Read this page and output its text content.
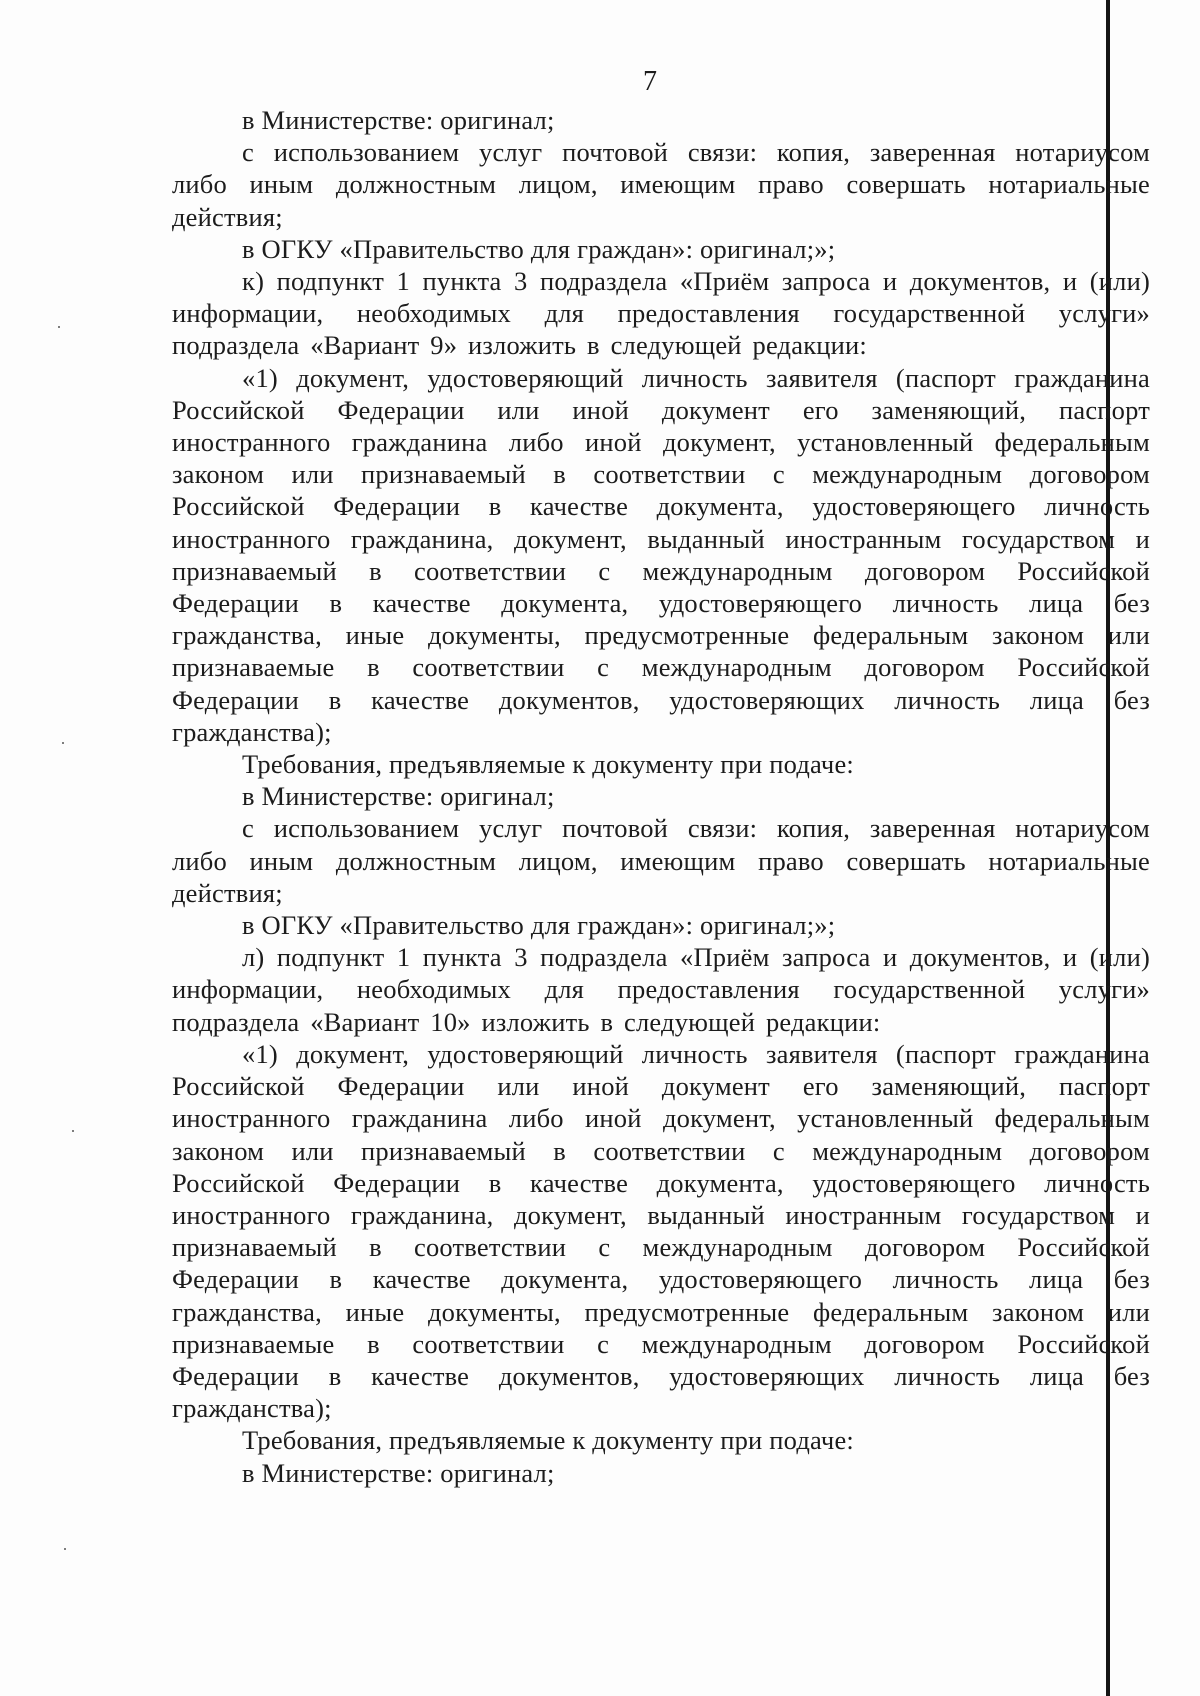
7

в Министерстве: оригинал;

с использованием услуг почтовой связи: копия, заверенная нотариусом либо иным должностным лицом, имеющим право совершать нотариальные действия;

в ОГКУ «Правительство для граждан»: оригинал;»;

к) подпункт 1 пункта 3 подраздела «Приём запроса и документов, и (или) информации, необходимых для предоставления государственной услуги» подраздела «Вариант 9» изложить в следующей редакции:

«1) документ, удостоверяющий личность заявителя (паспорт гражданина Российской Федерации или иной документ его заменяющий, паспорт иностранного гражданина либо иной документ, установленный федеральным законом или признаваемый в соответствии с международным договором Российской Федерации в качестве документа, удостоверяющего личность иностранного гражданина, документ, выданный иностранным государством и признаваемый в соответствии с международным договором Российской Федерации в качестве документа, удостоверяющего личность лица без гражданства, иные документы, предусмотренные федеральным законом или признаваемые в соответствии с международным договором Российской Федерации в качестве документов, удостоверяющих личность лица без гражданства);

Требования, предъявляемые к документу при подаче:

в Министерстве: оригинал;

с использованием услуг почтовой связи: копия, заверенная нотариусом либо иным должностным лицом, имеющим право совершать нотариальные действия;

в ОГКУ «Правительство для граждан»: оригинал;»;

л) подпункт 1 пункта 3 подраздела «Приём запроса и документов, и (или) информации, необходимых для предоставления государственной услуги» подраздела «Вариант 10» изложить в следующей редакции:

«1) документ, удостоверяющий личность заявителя (паспорт гражданина Российской Федерации или иной документ его заменяющий, паспорт иностранного гражданина либо иной документ, установленный федеральным законом или признаваемый в соответствии с международным договором Российской Федерации в качестве документа, удостоверяющего личность иностранного гражданина, документ, выданный иностранным государством и признаваемый в соответствии с международным договором Российской Федерации в качестве документа, удостоверяющего личность лица без гражданства, иные документы, предусмотренные федеральным законом или признаваемые в соответствии с международным договором Российской Федерации в качестве документов, удостоверяющих личность лица без гражданства);

Требования, предъявляемые к документу при подаче:

в Министерстве: оригинал;
